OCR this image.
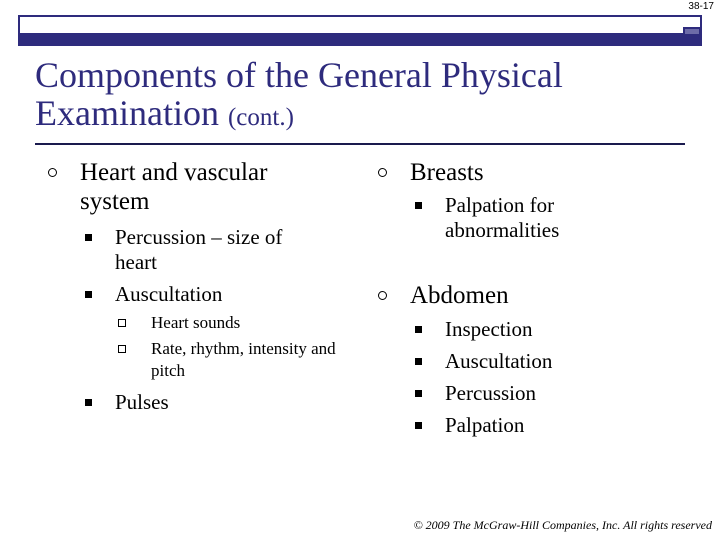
38-17
Components of the General Physical Examination (cont.)
Heart and vascular system
Percussion – size of heart
Auscultation
Heart sounds
Rate, rhythm, intensity and pitch
Pulses
Breasts
Palpation for abnormalities
Abdomen
Inspection
Auscultation
Percussion
Palpation
© 2009 The McGraw-Hill Companies, Inc. All rights reserved
